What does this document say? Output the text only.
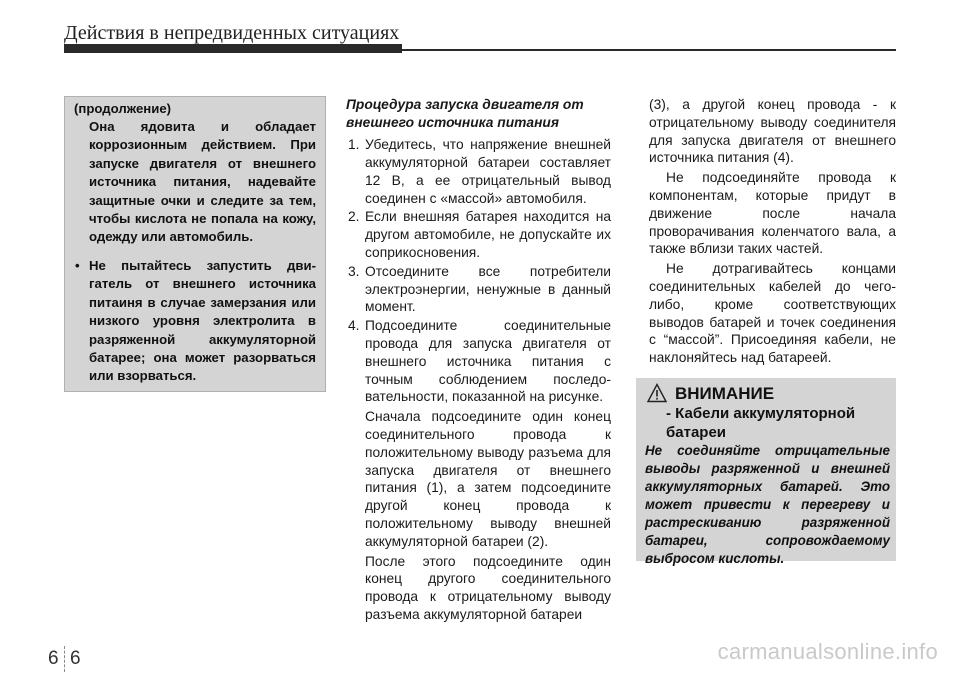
Действия в непредвиденных ситуациях
(продолжение)
Она ядовита и обладает коррозионным действием. При запуске двигателя от внешнего источника питания, надевайте защитные очки и следите за тем, чтобы кислота не попала на кожу, одежду или автомобиль.
• Не пытайтесь запустить двигатель от внешнего источника питаиня в случае замерзания или низкого уровня электролита в разряженной аккумуляторной батарее; она может разорваться или взорваться.
Процедура запуска двигателя от внешнего источника питания
1. Убедитесь, что напряжение внешней аккумуляторной батареи составляет 12 В, а ее отрицательный вывод соединен с «массой» автомобиля.
2. Если внешняя батарея находится на другом автомобиле, не допускайте их соприкосновения.
3. Отсоедините все потребители электроэнергии, ненужные в данный момент.
4. Подсоедините соединительные провода для запуска двигателя от внешнего источника питания с точным соблюдением последовательности, показанной на рисунке.
Сначала подсоедините один конец соединительного провода к положительному выводу разъема для запуска двигателя от внешнего питания (1), а затем подсоедините другой конец провода к положительному выводу внешней аккумуляторной батареи (2).
После этого подсоедините один конец другого соединительного провода к отрицательному выводу разъема аккумуляторной батареи
(3), а другой конец провода - к отрицательному выводу соединителя для запуска двигателя от внешнего источника питания (4).
Не подсоединяйте провода к компонентам, которые придут в движение после начала проворачивания коленчатого вала, а также вблизи таких частей.
Не дотрагивайтесь концами соединительных кабелей до чего-либо, кроме соответствующих выводов батарей и точек соединения с “массой”. Присоединяя кабели, не наклоняйтесь над батареей.
ВНИМАНИЕ
- Кабели аккумуляторной батареи
Не соединяйте отрицательные выводы разряженной и внешней аккумуляторных батарей. Это может привести к перегреву и растрескиванию разряженной батареи, сопровождаемому выбросом кислоты.
6 6	carmanualsonline.info
